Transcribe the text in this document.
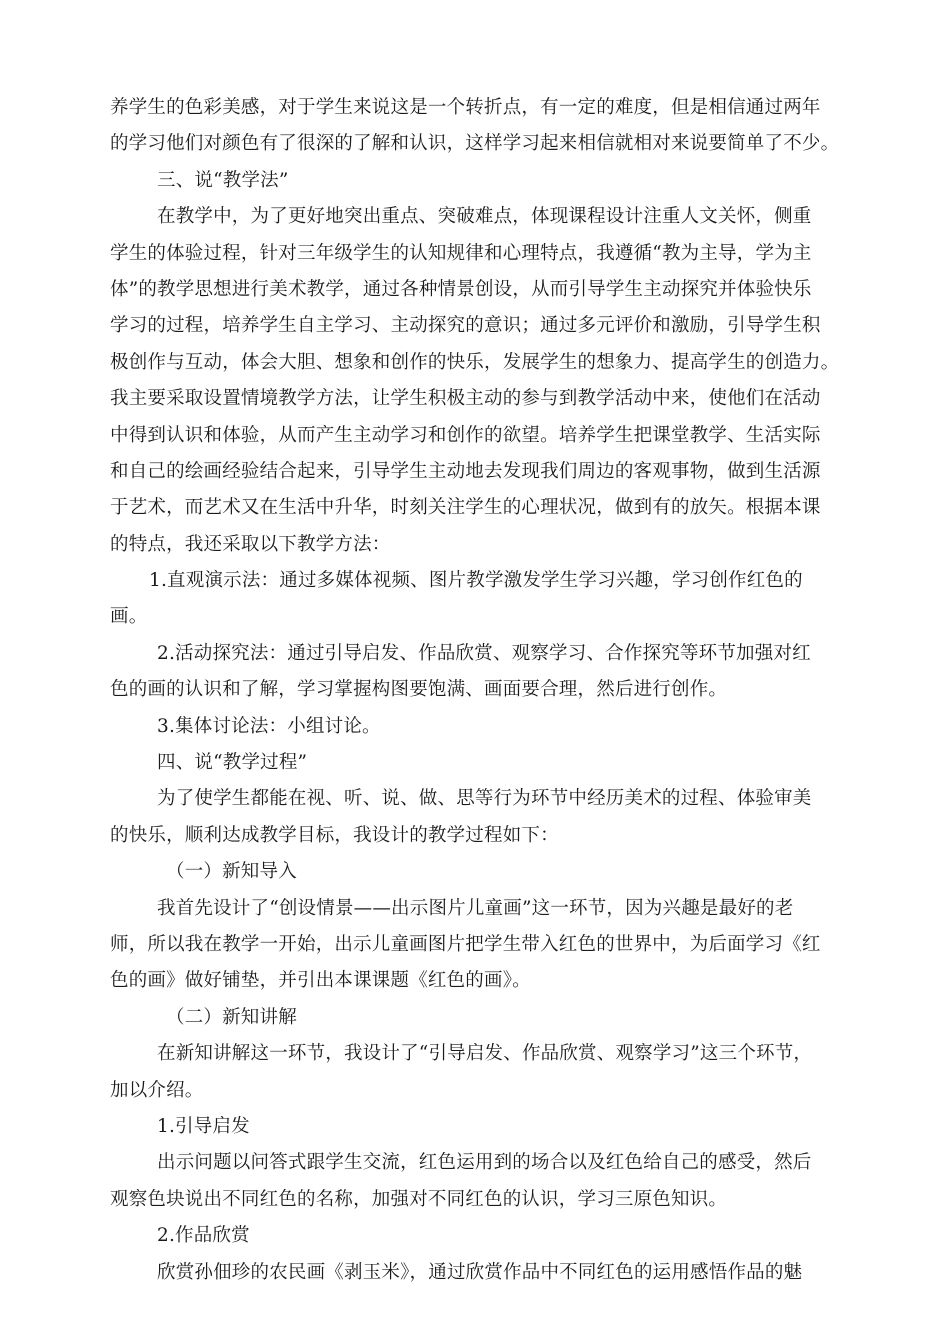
养学生的色彩美感，对于学生来说这是一个转折点，有一定的难度，但是相信通过两年
的学习他们对颜色有了很深的了解和认识，这样学习起来相信就相对来说要简单了不少。
三、说“教学法”
在教学中，为了更好地突出重点、突破难点，体现课程设计注重人文关怀，侧重
学生的体验过程，针对三年级学生的认知规律和心理特点，我遵循“教为主导，学为主
体”的教学思想进行美术教学，通过各种情景创设，从而引导学生主动探究并体验快乐
学习的过程，培养学生自主学习、主动探究的意识；通过多元评价和激励，引导学生积
极创作与互动，体会大胆、想象和创作的快乐，发展学生的想象力、提高学生的创造力。
我主要采取设置情境教学方法，让学生积极主动的参与到教学活动中来，使他们在活动
中得到认识和体验，从而产生主动学习和创作的欲望。培养学生把课堂教学、生活实际
和自己的绘画经验结合起来，引导学生主动地去发现我们周边的客观事物，做到生活源
于艺术，而艺术又在生活中升华，时刻关注学生的心理状况，做到有的放矢。根据本课
的特点，我还采取以下教学方法：
1.直观演示法：通过多媒体视频、图片教学激发学生学习兴趣，学习创作红色的
画。
2.活动探究法：通过引导启发、作品欣赏、观察学习、合作探究等环节加强对红
色的画的认识和了解，学习掌握构图要饱满、画面要合理，然后进行创作。
3.集体讨论法：小组讨论。
四、说“教学过程”
为了使学生都能在视、听、说、做、思等行为环节中经历美术的过程、体验审美
的快乐，顺利达成教学目标，我设计的教学过程如下：
（一）新知导入
我首先设计了“创设情景——出示图片儿童画”这一环节，因为兴趣是最好的老
师，所以我在教学一开始，出示儿童画图片把学生带入红色的世界中，为后面学习《红
色的画》做好铺垫，并引出本课课题《红色的画》。
（二）新知讲解
在新知讲解这一环节，我设计了“引导启发、作品欣赏、观察学习”这三个环节，
加以介绍。
1.引导启发
出示问题以问答式跟学生交流，红色运用到的场合以及红色给自己的感受，然后
观察色块说出不同红色的名称，加强对不同红色的认识，学习三原色知识。
2.作品欣赏
欣赏孙佃珍的农民画《剥玉米》，通过欣赏作品中不同红色的运用感悟作品的魅
